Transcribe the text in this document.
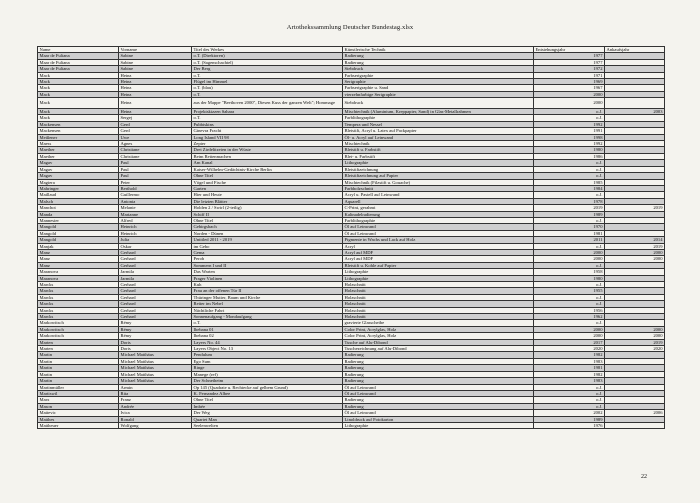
Artothekssammlung Deutscher Bundestag.xlsx
Name	Vorname	Titel des Werkes	Künstlerische Technik	Entstehungsjahr	Ankaufsjahr
Maar de Fuliana	Sabine	o.T. (Direktoren)	Radierung	1977	
Maar de Fuliana	Sabine	o.T. (Sagenschachtel)	Radierung	1977	
Maar de Fuliana	Sabine	Der Berg	Siebdruck	1972	
Mack	Heinz	o.T.	Farbserigraphie	1971	
Mack	Heinz	Flügel im Himmel	Serigraphie	1969	
Mack	Heinz	o.T. (blau)	Farbserigraphie u. Sand	1967	
Mack	Heinz	o.T.	vierzehnfarbige Serigraphie	2000	
Mack	Heinz	aus der Mappe "Beethoven 2000", Diesen Kuss der ganzen Welt"; Hommage	Siebdruck	2000	
Mack	Heinz	Projektskizzen Sahara	Mischtechnik (Aluminium, Kreppapier, Sand) in Glas-Metallrahmen	o.J.	2003
Mack	Sergej	o.T.	Farblithographie	o.J.	
Mackensen	Gerd	Pubbiskins	Tempera und Nessel	1992	
Mackensen	Gerd	Ginevra Fracht	Bleistift, Acryl u. Latex auf Packpapier	1991	
Meißener	Uwe	Long Island VII 98	Öl- u. Acryl auf Leinwand	1998	
Maess	Agnes	Zepter	Mischtechnik	1992	
Maether	Christiane	Drei Zirdelitzeien in der Wüste	Bleistift u. Farbstift	1980	
Maether	Christiane	Beim Rettenmachen	Blei- u. Farbstift	1986	
Magav	Paul	Am Kanal	Lithographie	o.J.	
Magav	Paul	Kaiser-Wilhelm-Gedächtnis-Kirche Berlin	Bleistiftzeichnung	o.J.	
Magav	Paul	Ohne Titel	Bleistiftzeichnung auf Papier	o.J.	
Magiera	Peter	Vögel und Fische	Mischtechnik (Filzstift u. Gouache)	1985	
Mahringer	Berthold	Garten	Farbholzschnitt	1984	
Maillaud	Guillermo	Hier und Heute	Acryl u. Pastell auf Leinwand	o.J.	
Malsch	Antonia	Die letzten Blätter	Aquarell	1978	
Manchot	Melanie	Holden 2 / Swirl (2-teilig)	C-Print, gerahmt	2019	2019
Manda	Marianne	Schiff II	Kaltnadelradierung	1989	
Mannesier	Alfred	Ohne Titel	Farblithographie	o.J.	
Mangold	Heinrich	Gebirgsbach	Öl auf Leinwand	1970	
Mangold	Heinrich	Norden - Dünen	Öl auf Leinwand	1981	
Mangold	Julia	Untitled 2011 - 2019	Pigmente in Wachs und Lack auf Holz	2011	2014
Manjak	Oskar	im Gebo	Acryl	o.J.	2019
Manz	Gerhard	Gema	Acryl auf MDF	2000	2000
Manz	Gerhard	Perob	Acryl auf MDF	2000	2000
Manz	Gerhard	Sommern I und II	Bleistift u. Kohle auf Papier	o.J.	
Maranova	Jarmila	Das Warten	Lithographie	1958	
Maranova	Jarmila	Prager Violinen	Lithographie	1980	
Marcks	Gerhard	Kuh	Holzschnitt	o.J.	
Marcks	Gerhard	Frau an der offenen Tür II	Holzschnitt	1955	
Marcks	Gerhard	Thüringer Mutter, Baum und Kirche	Holzschnitt	o.J.	
Marcks	Gerhard	Reiter im Nebel	Holzschnitt	o.J.	
Marcks	Gerhard	Nächtliche Fahrt	Holzschnitt	1956	
Marcks	Gerhard	Sonnenaufgang - Mondaufgang	Holzschnitt	1962	
Markowitsch	Rémy	o.T.	gravierte Glasscheibe	o.J.	
Markowitsch	Rémy	Ibebana 01	Color Print, Acrylglas, Holz	2000	2000
Markowitsch	Rémy	Ibebana 02	Color Print, Acrylglas, Holz	2000	2000
Marten	Doris	Layers No. 44	Tusche auf Alu-Dibond	2017	2019
Marten	Doris	Layers Object No. 13	Tuschezeichnung auf Alu-Dibond	2020	2020
Martin	Michael Matthäus	Pendulum	Radierung	1982	
Martin	Michael Matthäus	Ego Sum	Radierung	1983	
Martin	Michael Matthäus	Ringe	Radierung	1981	
Martin	Michael Matthäus	Manege (ref)	Radierung	1982	
Martin	Michael Matthäus	Der Schneiheim	Radierung	1983	
Martinmüller	Armin	Op 145 (Quadrate u. Rechtecke auf gelbem Grund)	Öl auf Leinwand	o.J.	
Martiswil	Rita	K. Fernandez Albee	Öl auf Leinwand	o.J.	
Marx	Franz	Ohne Titel	Radierung	o.J.	
Mason	Andrée	Imbée	Radierung	o.J.	
Mattevic	Ivica	Der Weg	Öl auf Leinwand	2002	2006
Matthes	Ronald	Quartet Man	Linoldruck auf Fotokarton	1989	
Mattheuer	Wolfgang	Seelenwelten	Lithographie	1976	
22
